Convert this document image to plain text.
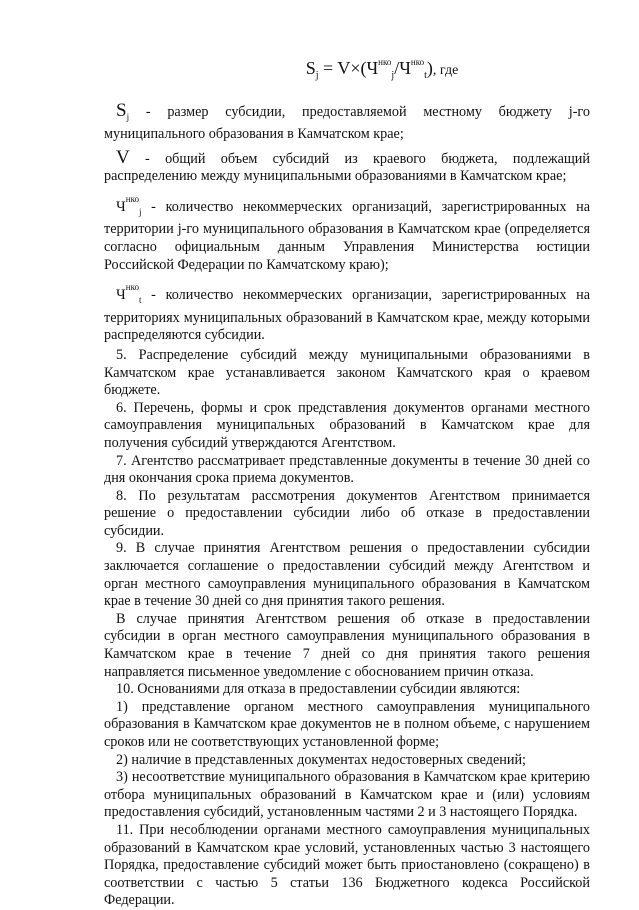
$S_j = V\times(Ч^{нко}_j/Ч^{нко}_t)$, где

$S_j$ - размер субсидии, предоставляемой местному бюджету j-го муниципального образования в Камчатском крае;

V - общий объем субсидий из краевого бюджета, подлежащий распределению между муниципальными образованиями в Камчатском крае;

$Ч^{нко}_j$ - количество некоммерческих организаций, зарегистрированных на территории j-го муниципального образования в Камчатском крае (определяется согласно официальным данным Управления Министерства юстиции Российской Федерации по Камчатскому краю);

$Ч^{нко}_t$ - количество некоммерческих организации, зарегистрированных на территориях муниципальных образований в Камчатском крае, между которыми распределяются субсидии.

5. Распределение субсидий между муниципальными образованиями в Камчатском крае устанавливается законом Камчатского края о краевом бюджете.

6. Перечень, формы и срок представления документов органами местного самоуправления муниципальных образований в Камчатском крае для получения субсидий утверждаются Агентством.

7. Агентство рассматривает представленные документы в течение 30 дней со дня окончания срока приема документов.

8. По результатам рассмотрения документов Агентством принимается решение о предоставлении субсидии либо об отказе в предоставлении субсидии.

9. В случае принятия Агентством решения о предоставлении субсидии заключается соглашение о предоставлении субсидий между Агентством и орган местного самоуправления муниципального образования в Камчатском крае в течение 30 дней со дня принятия такого решения.

В случае принятия Агентством решения об отказе в предоставлении субсидии в орган местного самоуправления муниципального образования в Камчатском крае в течение 7 дней со дня принятия такого решения направляется письменное уведомление с обоснованием причин отказа.

10. Основаниями для отказа в предоставлении субсидии являются:

1) представление органом местного самоуправления муниципального образования в Камчатском крае документов не в полном объеме, с нарушением сроков или не соответствующих установленной форме;

2) наличие в представленных документах недостоверных сведений;

3) несоответствие муниципального образования в Камчатском крае критерию отбора муниципальных образований в Камчатском крае и (или) условиям предоставления субсидий, установленным частями 2 и 3 настоящего Порядка.

11. При несоблюдении органами местного самоуправления муниципальных образований в Камчатском крае условий, установленных частью 3 настоящего Порядка, предоставление субсидий может быть приостановлено (сокращено) в соответствии с частью 5 статьи 136 Бюджетного кодекса Российской Федерации.
